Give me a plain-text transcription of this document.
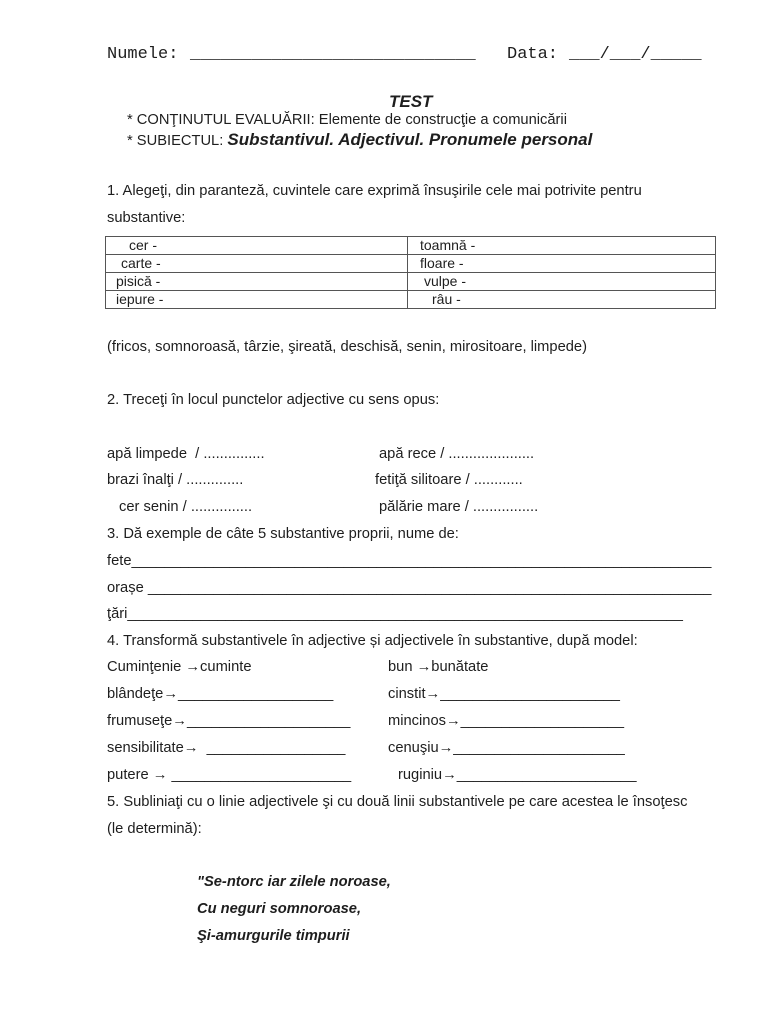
Numele: ____________________________ Data: ___/___/_____
TEST
* CONŢINUTUL EVALUĂRII: Elemente de construcţie a comunicării
* SUBIECTUL: Substantivul. Adjectivul. Pronumele personal
1. Alegeţi, din paranteză, cuvintele care exprimă însuşirile cele mai potrivite pentru
substantive:
cer -	toamnă -
carte -	floare -
pisică -	vulpe -
iepure -	râu -
(fricos, somnoroasă, târzie, şireată, deschisă, senin, mirositoare, limpede)
2. Treceţi în locul punctelor adjective cu sens opus:
apă limpede  / ...............	apă rece / .....................
brazi înalţi / ..............	fetiţă silitoare / ............
cer senin / ...............	pălărie mare / ................
3. Dă exemple de câte 5 substantive proprii, nume de:
fete_______________________________________________________________________
orașe _____________________________________________________________________
ţări____________________________________________________________________
4. Transformă substantivele în adjective și adjectivele în substantive, după model:
Cuminţenie →cuminte	bun →bunătate
blândeţe→___________________	cinstit→______________________
frumuseţe→____________________	mincinos→____________________
sensibilitate→  _________________	cenuşiu→_____________________
putere → ______________________	ruginiu→______________________
5. Subliniaţi cu o linie adjectivele şi cu două linii substantivele pe care acestea le însoţesc
(le determină):
"Se-ntorc iar zilele noroase,
Cu neguri somnoroase,
Şi-amurgurile timpurii
